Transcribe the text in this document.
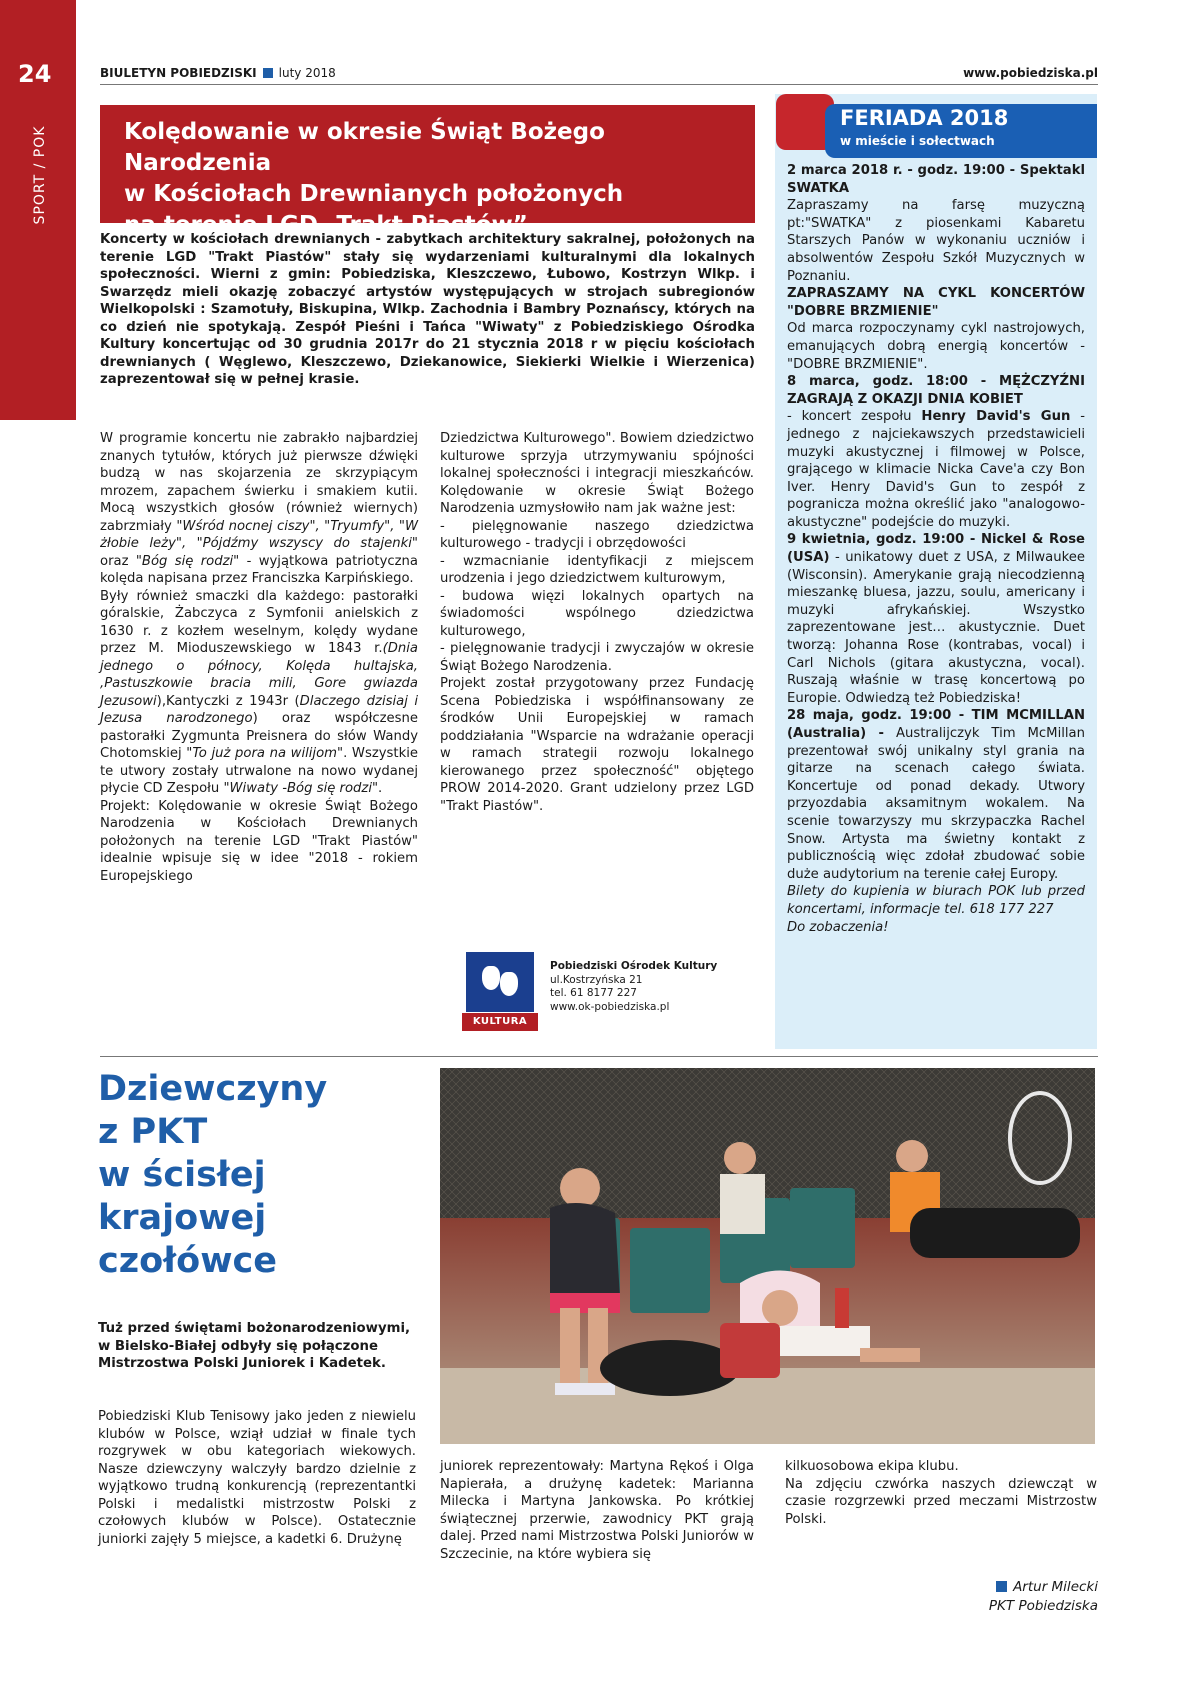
24
SPORT / POK
BIULETYN POBIEDZISKI luty 2018	www.pobiedziska.pl
Kolędowanie w okresie Świąt Bożego Narodzenia
w Kościołach Drewnianych położonych
na terenie LGD „Trakt Piastów”

Koncerty w kościołach drewnianych - zabytkach architektury sakralnej, położonych na terenie LGD "Trakt Piastów" stały się wydarzeniami kulturalnymi dla lokalnych społeczności. Wierni z gmin: Pobiedziska, Kleszczewo, Łubowo, Kostrzyn Wlkp. i Swarzędz mieli okazję zobaczyć artystów występujących w strojach subregionów Wielkopolski : Szamotuły, Biskupina, Wlkp. Zachodnia i Bambry Poznańscy, których na co dzień nie spotykają. Zespół Pieśni i Tańca "Wiwaty" z Pobiedziskiego Ośrodka Kultury koncertując od 30 grudnia 2017r do 21 stycznia 2018 r w pięciu kościołach drewnianych ( Węglewo, Kleszczewo, Dziekanowice, Siekierki Wielkie i Wierzenica) zaprezentował się w pełnej krasie.

W programie koncertu nie zabrakło najbardziej znanych tytułów, których już pierwsze dźwięki budzą w nas skojarzenia ze skrzypiącym mrozem, zapachem świerku i smakiem kutii. Mocą wszystkich głosów (również wiernych) zabrzmiały "Wśród nocnej ciszy", "Tryumfy", "W żłobie leży", "Pójdźmy wszyscy do stajenki" oraz "Bóg się rodzi" - wyjątkowa patriotyczna kolęda napisana przez Franciszka Karpińskiego.

Były również smaczki dla każdego: pastorałki góralskie, Żabczyca z Symfonii anielskich z 1630 r. z kozłem weselnym, kolędy wydane przez M. Mioduszewskiego w 1843 r.(Dnia jednego o północy, Kolęda hultajska, ,Pastuszkowie bracia mili, Gore gwiazda Jezusowi),Kantyczki z 1943r (Dlaczego dzisiaj i Jezusa narodzonego) oraz współczesne pastorałki Zygmunta Preisnera do słów Wandy Chotomskiej "To już pora na wilijom". Wszystkie te utwory zostały utrwalone na nowo wydanej płycie CD Zespołu "Wiwaty -Bóg się rodzi".

Projekt: Kolędowanie w okresie Świąt Bożego Narodzenia w Kościołach Drewnianych położonych na terenie LGD "Trakt Piastów" idealnie wpisuje się w idee "2018 - rokiem Europejskiego

Dziedzictwa Kulturowego". Bowiem dziedzictwo kulturowe sprzyja utrzymywaniu spójności lokalnej społeczności i integracji mieszkańców. Kolędowanie w okresie Świąt Bożego Narodzenia uzmysłowiło nam jak ważne jest:

- pielęgnowanie naszego dziedzictwa kulturowego - tradycji i obrzędowości

- wzmacnianie identyfikacji z miejscem urodzenia i jego dziedzictwem kulturowym,

- budowa więzi lokalnych opartych na świadomości wspólnego dziedzictwa kulturowego,

- pielęgnowanie tradycji i zwyczajów w okresie Świąt Bożego Narodzenia.

Projekt został przygotowany przez Fundację Scena Pobiedziska i współfinansowany ze środków Unii Europejskiej w ramach poddziałania "Wsparcie na wdrażanie operacji w ramach strategii rozwoju lokalnego kierowanego przez społeczność" objętego PROW 2014-2020. Grant udzielony przez LGD "Trakt Piastów".

KULTURA
Pobiedziski Ośrodek Kultury
ul.Kostrzyńska 21
tel. 61 8177 227
www.ok-pobiedziska.pl
FERIADA 2018
w mieście i sołectwach

2 marca 2018 r. - godz. 19:00 - Spektakl SWATKA

Zapraszamy na farsę muzyczną pt:"SWATKA" z piosenkami Kabaretu Starszych Panów w wykonaniu uczniów i absolwentów Zespołu Szkół Muzycznych w Poznaniu.

ZAPRASZAMY NA CYKL KONCERTÓW "DOBRE BRZMIENIE"

Od marca rozpoczynamy cykl nastrojowych, emanujących dobrą energią koncertów - "DOBRE BRZMIENIE".

8 marca, godz. 18:00 - MĘŻCZYŹNI ZAGRAJĄ Z OKAZJI DNIA KOBIET

- koncert zespołu Henry David's Gun - jednego z najciekawszych przedstawicieli muzyki akustycznej i filmowej w Polsce, grającego w klimacie Nicka Cave'a czy Bon Iver. Henry David's Gun to zespół z pogranicza można określić jako "analogowo-akustyczne" podejście do muzyki.

9 kwietnia, godz. 19:00 - Nickel & Rose (USA) - unikatowy duet z USA, z Milwaukee (Wisconsin). Amerykanie grają niecodzienną mieszankę bluesa, jazzu, soulu, americany i muzyki afrykańskiej. Wszystko zaprezentowane jest… akustycznie. Duet tworzą: Johanna Rose (kontrabas, vocal) i Carl Nichols (gitara akustyczna, vocal). Ruszają właśnie w trasę koncertową po Europie. Odwiedzą też Pobiedziska!

28 maja, godz. 19:00 - TIM MCMILLAN (Australia) - Australijczyk Tim McMillan prezentował swój unikalny styl grania na gitarze na scenach całego świata. Koncertuje od ponad dekady. Utwory przyozdabia aksamitnym wokalem. Na scenie towarzyszy mu skrzypaczka Rachel Snow. Artysta ma świetny kontakt z publicznością więc zdołał zbudować sobie duże audytorium na terenie całej Europy.

Bilety do kupienia w biurach POK lub przed koncertami, informacje tel. 618 177 227

Do zobaczenia!

Dziewczyny
z PKT
w ścisłej
krajowej
czołówce

Tuż przed świętami bożonarodzeniowymi, w Bielsko-Białej odbyły się połączone Mistrzostwa Polski Juniorek i Kadetek.

Pobiedziski Klub Tenisowy jako jeden z niewielu klubów w Polsce, wziął udział w finale tych rozgrywek w obu kategoriach wiekowych. Nasze dziewczyny walczyły bardzo dzielnie z wyjątkowo trudną konkurencją (reprezentantki Polski i medalistki mistrzostw Polski z czołowych klubów w Polsce). Ostatecznie juniorki zajęły 5 miejsce, a kadetki 6. Drużynę

juniorek reprezentowały: Martyna Rękoś i Olga Napierała, a drużynę kadetek: Marianna Milecka i Martyna Jankowska. Po krótkiej świątecznej przerwie, zawodnicy PKT grają dalej. Przed nami Mistrzostwa Polski Juniorów w Szczecinie, na które wybiera się

kilkuosobowa ekipa klubu.

Na zdjęciu czwórka naszych dziewcząt w czasie rozgrzewki przed meczami Mistrzostw Polski.

Artur Milecki
PKT Pobiedziska
